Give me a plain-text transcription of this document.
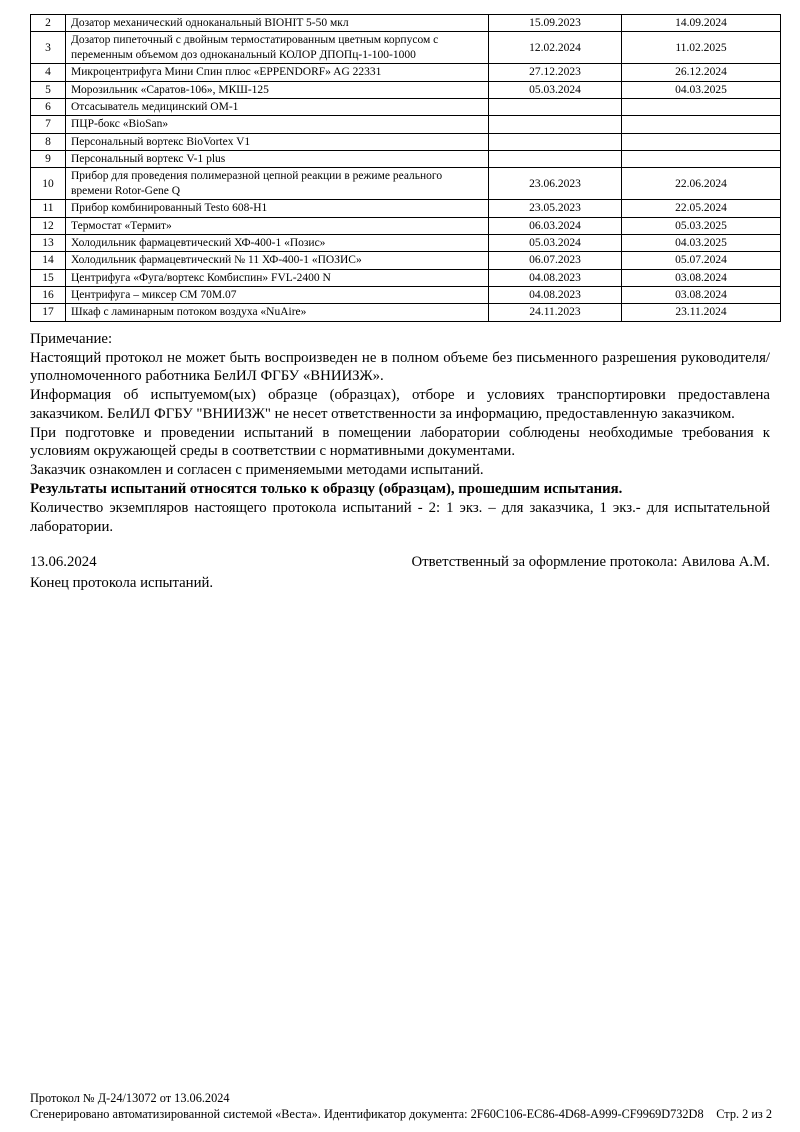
2	Дозатор механический одноканальный BIOHIT 5-50 мкл	15.09.2023	14.09.2024
3	Дозатор пипеточный с двойным термостатированным цветным корпусом с переменным объемом доз одноканальный КОЛОР ДПОПц-1-100-1000	12.02.2024	11.02.2025
4	Микроцентрифуга Мини Спин плюс «EPPENDORF» AG 22331	27.12.2023	26.12.2024
5	Морозильник «Саратов-106», МКШ-125	05.03.2024	04.03.2025
6	Отсасыватель медицинский ОМ-1		
7	ПЦР-бокс «BioSan»		
8	Персональный вортекс BioVortex V1		
9	Персональный вортекс V-1 plus		
10	Прибор для проведения полимеразной цепной реакции в режиме реального времени Rotor-Gene Q	23.06.2023	22.06.2024
11	Прибор комбинированный Testo 608-H1	23.05.2023	22.05.2024
12	Термостат «Термит»	06.03.2024	05.03.2025
13	Холодильник фармацевтический ХФ-400-1 «Позис»	05.03.2024	04.03.2025
14	Холодильник фармацевтический № 11 ХФ-400-1 «ПОЗИС»	06.07.2023	05.07.2024
15	Центрифуга «Фуга/вортекс Комбиспин» FVL-2400 N	04.08.2023	03.08.2024
16	Центрифуга – миксер СМ 70М.07	04.08.2023	03.08.2024
17	Шкаф с ламинарным потоком воздуха «NuAire»	24.11.2023	23.11.2024

Примечание:

Настоящий протокол не может быть воспроизведен не в полном объеме без письменного разрешения руководителя/уполномоченного работника БелИЛ ФГБУ «ВНИИЗЖ».

Информация об испытуемом(ых) образце (образцах), отборе и условиях транспортировки предоставлена заказчиком. БелИЛ ФГБУ "ВНИИЗЖ" не несет ответственности за информацию, предоставленную заказчиком.

При подготовке и проведении испытаний в помещении лаборатории соблюдены необходимые требования к условиям окружающей среды в соответствии с нормативными документами.

Заказчик ознакомлен и согласен с применяемыми методами испытаний.

Результаты испытаний относятся только к образцу (образцам), прошедшим испытания.

Количество экземпляров настоящего протокола испытаний - 2: 1 экз. – для заказчика, 1 экз.- для испытательной лаборатории.

13.06.2024	Ответственный за оформление протокола: Авилова А.М.
Конец протокола испытаний.
Протокол № Д-24/13072 от 13.06.2024
Сгенерировано автоматизированной системой «Веста». Идентификатор документа: 2F60C106-EC86-4D68-A999-CF9969D732D8 Стр. 2 из 2
